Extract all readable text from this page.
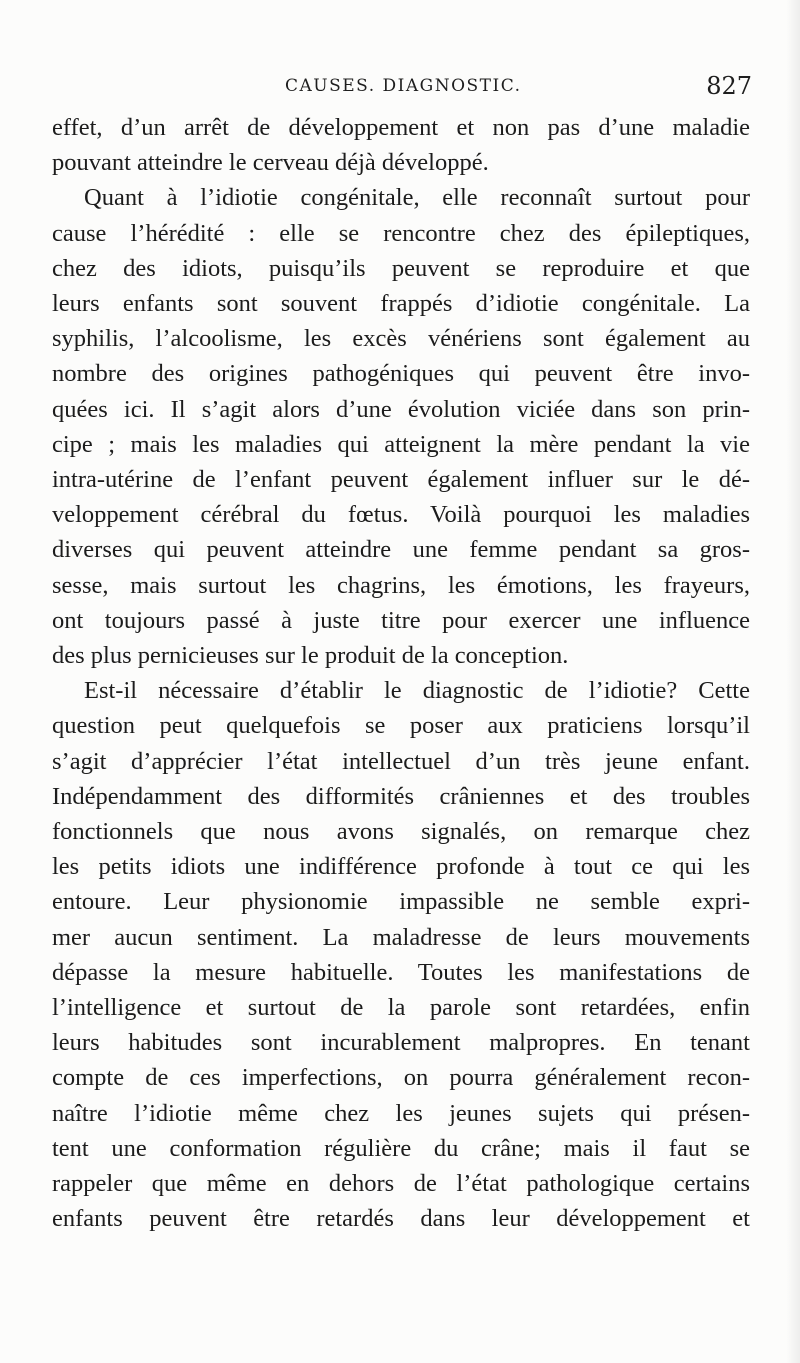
CAUSES. DIAGNOSTIC.	827
effet, d’un arrêt de développement et non pas d’une maladie
pouvant atteindre le cerveau déjà développé.
Quant à l’idiotie congénitale, elle reconnaît surtout pour
cause l’hérédité : elle se rencontre chez des épileptiques,
chez des idiots, puisqu’ils peuvent se reproduire et que
leurs enfants sont souvent frappés d’idiotie congénitale. La
syphilis, l’alcoolisme, les excès vénériens sont également au
nombre des origines pathogéniques qui peuvent être invo-
quées ici. Il s’agit alors d’une évolution viciée dans son prin-
cipe ; mais les maladies qui atteignent la mère pendant la vie
intra-utérine de l’enfant peuvent également influer sur le dé-
veloppement cérébral du fœtus. Voilà pourquoi les maladies
diverses qui peuvent atteindre une femme pendant sa gros-
sesse, mais surtout les chagrins, les émotions, les frayeurs,
ont toujours passé à juste titre pour exercer une influence
des plus pernicieuses sur le produit de la conception.
Est-il nécessaire d’établir le diagnostic de l’idiotie? Cette
question peut quelquefois se poser aux praticiens lorsqu’il
s’agit d’apprécier l’état intellectuel d’un très jeune enfant.
Indépendamment des difformités crâniennes et des troubles
fonctionnels que nous avons signalés, on remarque chez
les petits idiots une indifférence profonde à tout ce qui les
entoure. Leur physionomie impassible ne semble expri-
mer aucun sentiment. La maladresse de leurs mouvements
dépasse la mesure habituelle. Toutes les manifestations de
l’intelligence et surtout de la parole sont retardées, enfin
leurs habitudes sont incurablement malpropres. En tenant
compte de ces imperfections, on pourra généralement recon-
naître l’idiotie même chez les jeunes sujets qui présen-
tent une conformation régulière du crâne; mais il faut se
rappeler que même en dehors de l’état pathologique certains
enfants peuvent être retardés dans leur développement et
